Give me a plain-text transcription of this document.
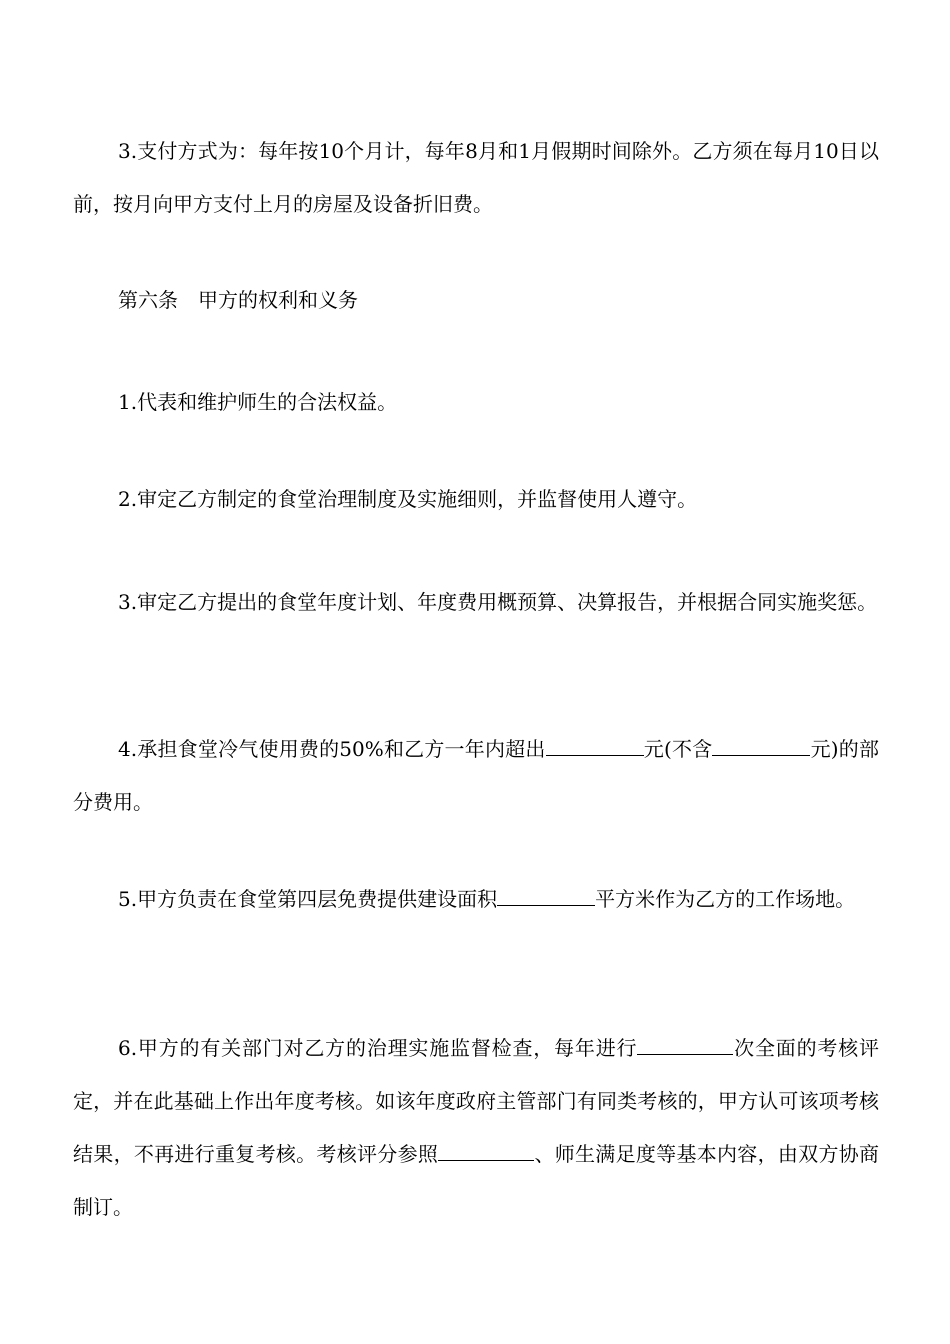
3.支付方式为：每年按10个月计，每年8月和1月假期时间除外。乙方须在每月10日以前，按月向甲方支付上月的房屋及设备折旧费。

第六条　甲方的权利和义务

1.代表和维护师生的合法权益。

2.审定乙方制定的食堂治理制度及实施细则，并监督使用人遵守。

3.审定乙方提出的食堂年度计划、年度费用概预算、决算报告，并根据合同实施奖惩。

4.承担食堂冷气使用费的50%和乙方一年内超出	元(不含	元)的部分费用。

5.甲方负责在食堂第四层免费提供建设面积	平方米作为乙方的工作场地。

6.甲方的有关部门对乙方的治理实施监督检查，每年进行	次全面的考核评定，并在此基础上作出年度考核。如该年度政府主管部门有同类考核的，甲方认可该项考核结果，不再进行重复考核。考核评分参照	、师生满足度等基本内容，由双方协商制订。
